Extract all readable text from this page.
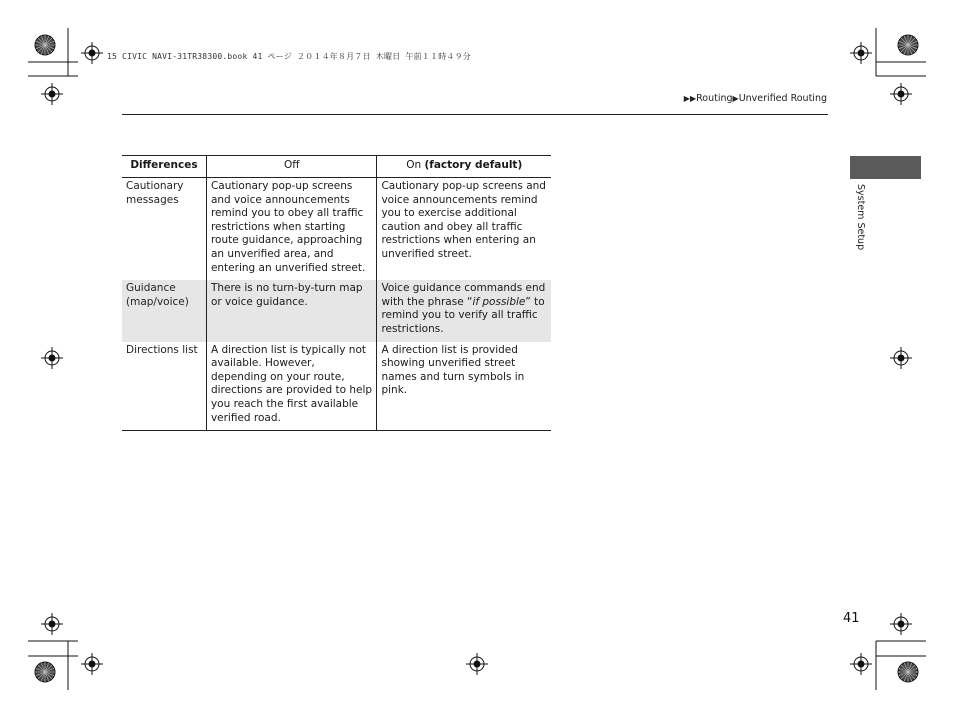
15 CIVIC NAVI-31TR38300.book 41 ページ ２０１４年８月７日 木曜日 午前１１時４９分
▶▶Routing▶Unverified Routing
System Setup
Differences	Off	On (factory default)
Cautionary messages	Cautionary pop-up screens and voice announcements remind you to obey all traffic restrictions when starting route guidance, approaching an unverified area, and entering an unverified street.	Cautionary pop-up screens and voice announcements remind you to exercise additional caution and obey all traffic restrictions when entering an unverified street.
Guidance (map/voice)	There is no turn-by-turn map or voice guidance.	Voice guidance commands end with the phrase “if possible” to remind you to verify all traffic restrictions.
Directions list	A direction list is typically not available. However, depending on your route, directions are provided to help you reach the first available verified road.	A direction list is provided showing unverified street names and turn symbols in pink.
41
